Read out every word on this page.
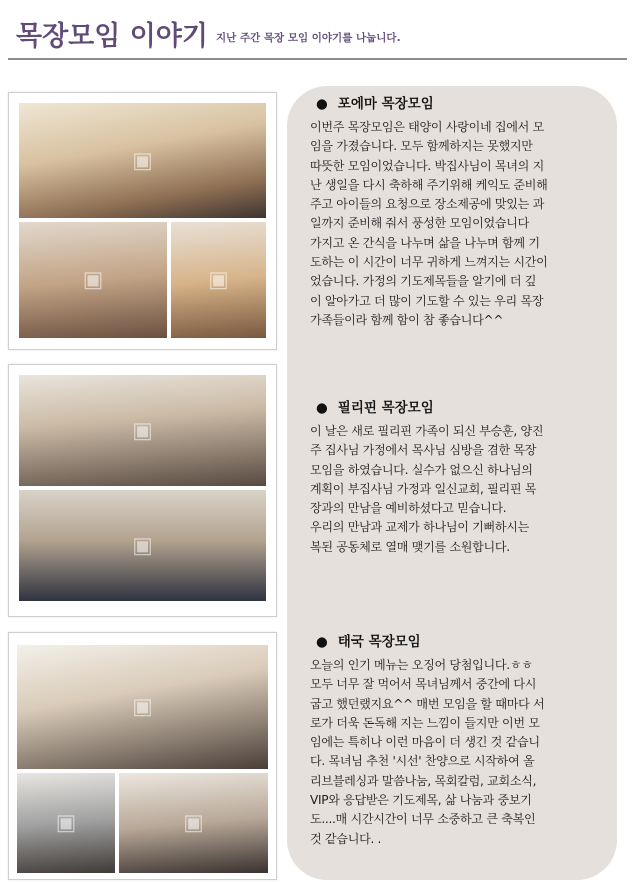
목장모임 이야기 지난 주간 목장 모임 이야기를 나눕니다.
▣
▣	▣
▣
▣
▣
▣	▣
● 포에마 목장모임

이번주 목장모임은 태양이 사랑이네 집에서 모
임을 가졌습니다. 모두 함께하지는 못했지만
따뜻한 모임이었습니다. 박집사님이 목녀의 지
난 생일을 다시 축하해 주기위해 케익도 준비해
주고 아이들의 요청으로 장소제공에 맞있는 과
일까지 준비해 줘서 풍성한 모임이었습니다
가지고 온 간식을 나누며 삶을 나누며 함께 기
도하는 이 시간이 너무 귀하게 느껴지는 시간이
었습니다. 가정의 기도제목들을 알기에 더 깊
이 알아가고 더 많이 기도할 수 있는 우리 목장
가족들이라 함께 함이 참 좋습니다^^

● 필리핀 목장모임

이 날은 새로 필리핀 가족이 되신 부승훈, 양진
주 집사님 가정에서 목사님 심방을 겸한 목장
모임을 하였습니다. 실수가 없으신 하나님의
계획이 부집사님 가정과 일신교회, 필리핀 목
장과의 만남을 예비하셨다고 믿습니다.
우리의 만남과 교제가 하나님이 기뻐하시는
복된 공동체로 열매 맺기를 소원합니다.

● 태국 목장모임

오늘의 인기 메뉴는 오징어 당첨입니다.ㅎㅎ
모두 너무 잘 먹어서 목녀님께서 중간에 다시
굽고 했던랬지요^^ 매번 모임을 할 때마다 서
로가 더욱 돈독해 지는 느낌이 들지만 이번 모
임에는 특히나 이런 마음이 더 생긴 것 같습니
다. 목녀님 추천 '시선' 찬양으로 시작하여 올
리브블레싱과 말씀나눔, 목회칼럼, 교회소식,
VIP와 응답받은 기도제목, 삶 나눔과 중보기
도....매 시간시간이 너무 소중하고 큰 축복인
것 같습니다. .
